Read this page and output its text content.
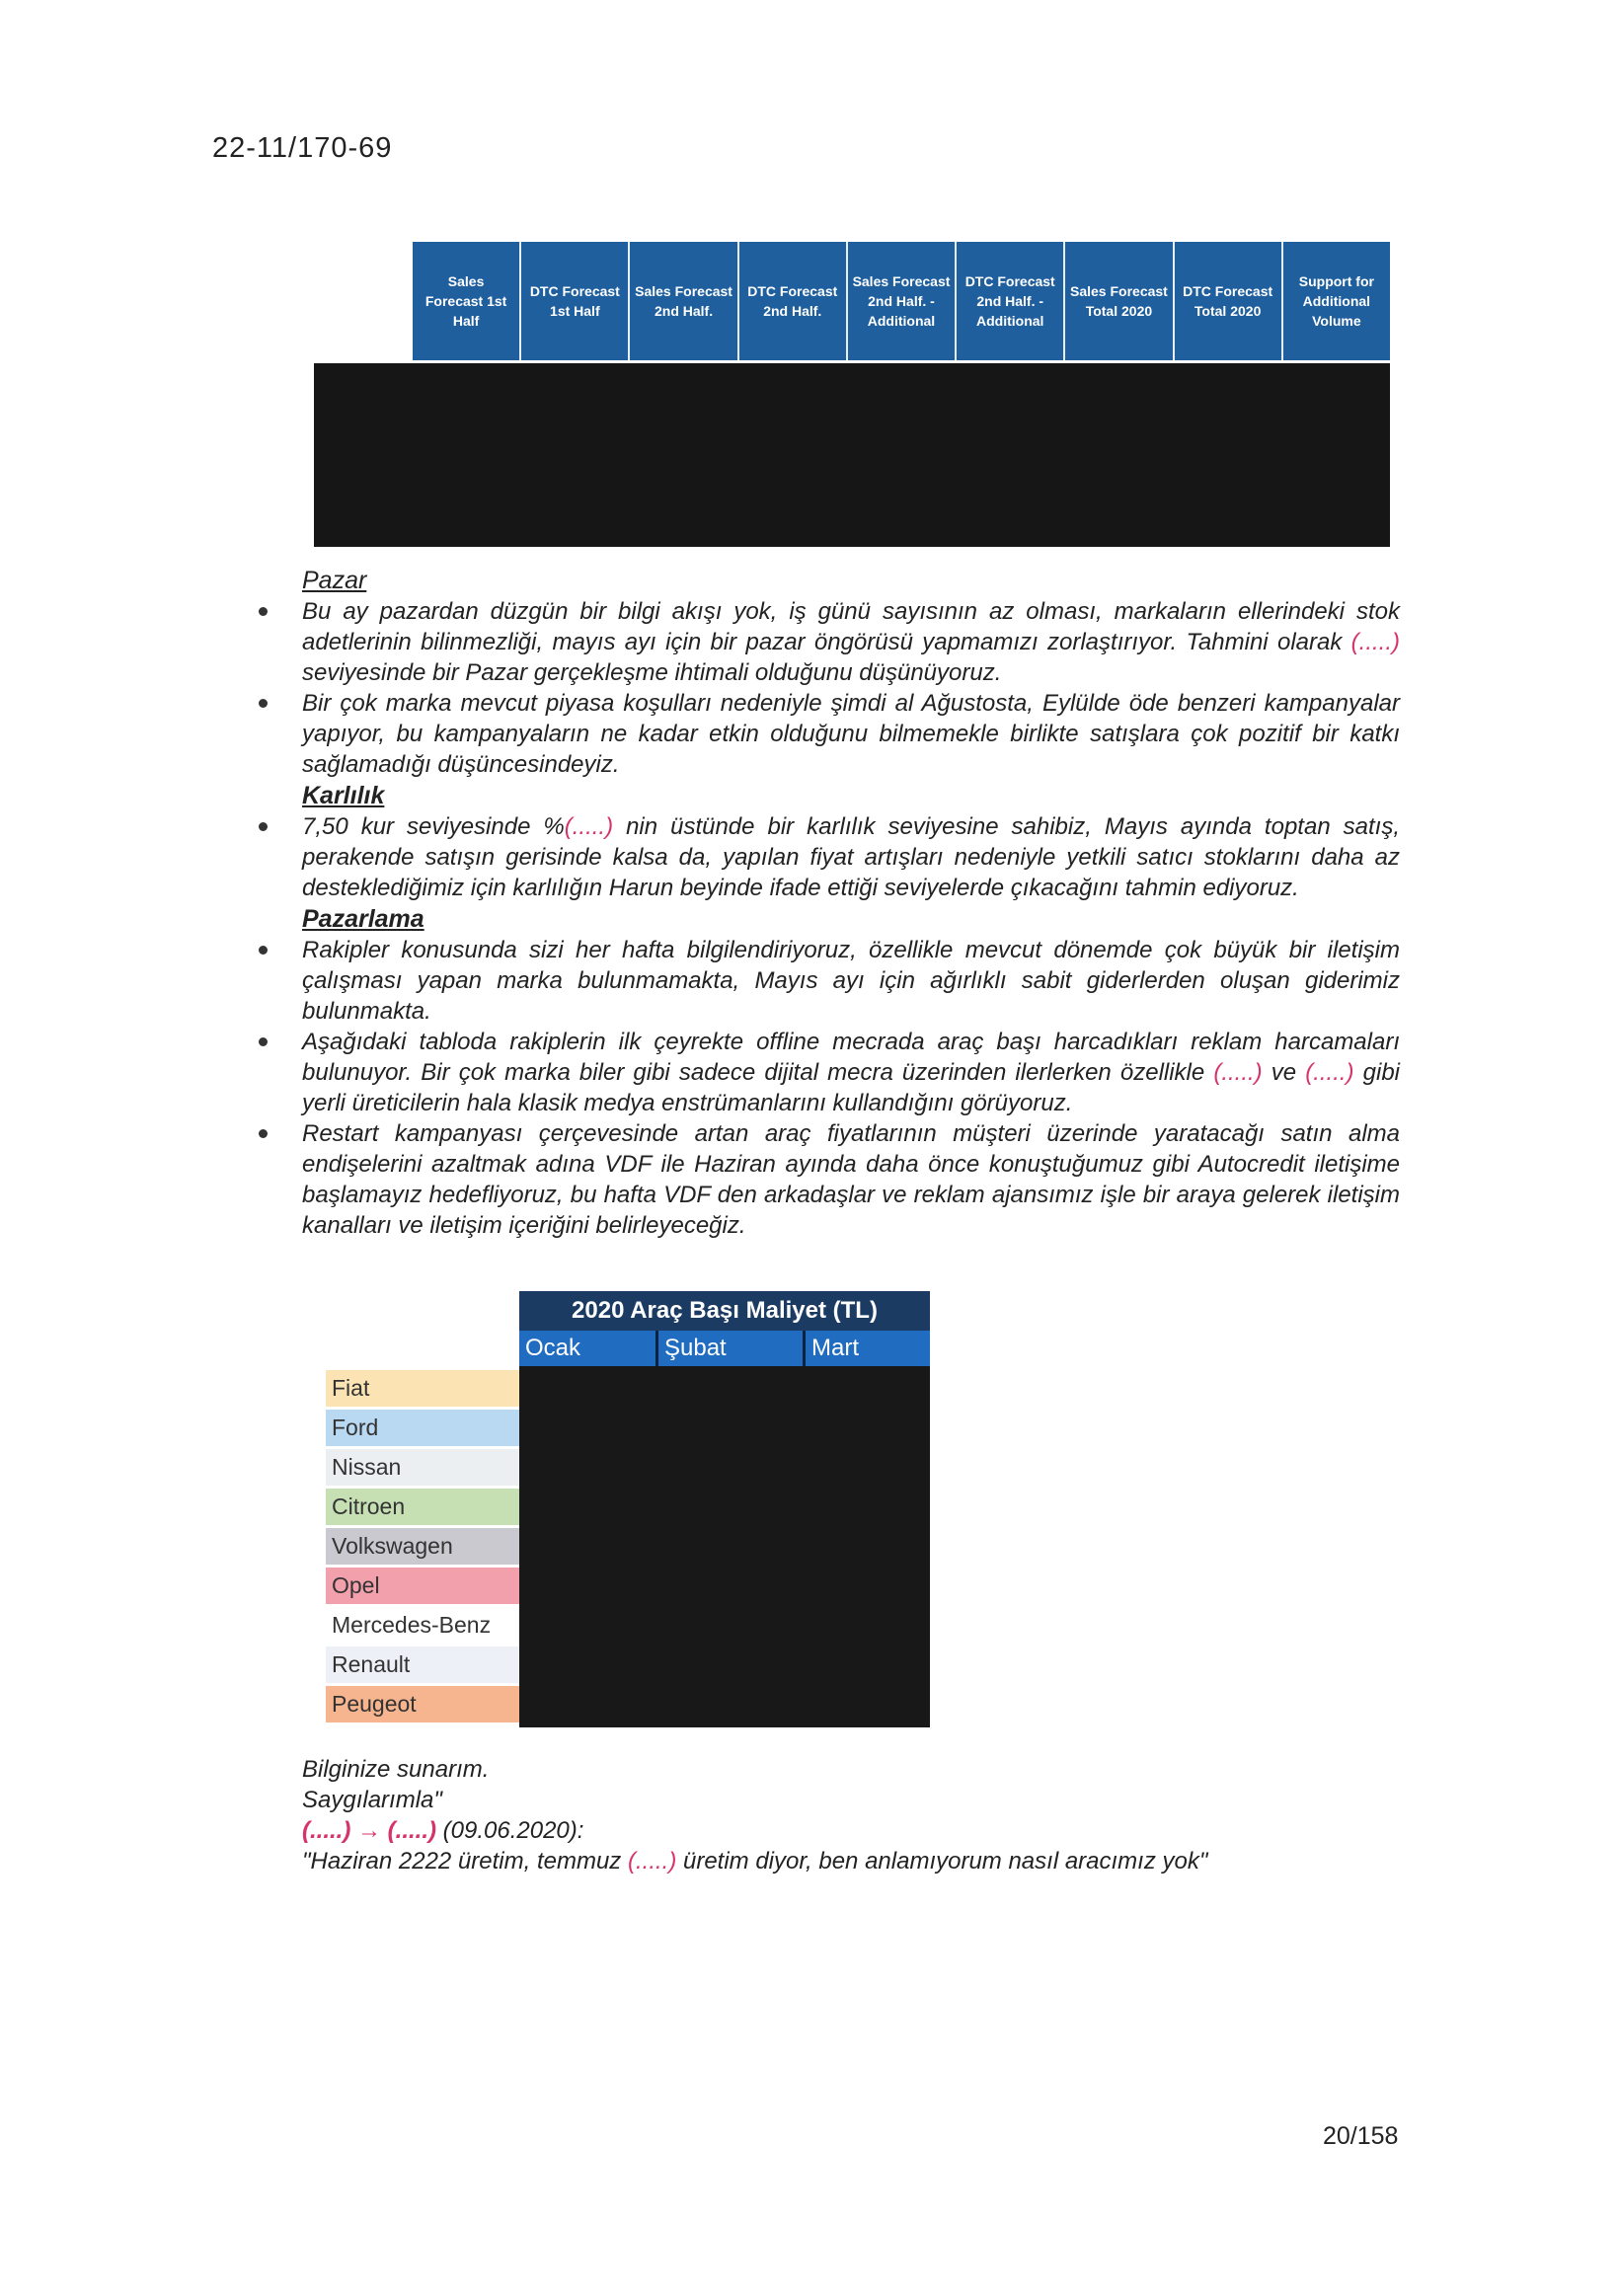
22-11/170-69
Sales
Forecast 1st
Half
DTC Forecast
1st Half
Sales Forecast
2nd Half.
DTC Forecast
2nd Half.
Sales Forecast
2nd Half. -
Additional
DTC Forecast
2nd Half. -
Additional
Sales Forecast
Total 2020
DTC Forecast
Total 2020
Support for
Additional
Volume

Pazar

Bu ay pazardan düzgün bir bilgi akışı yok, iş günü sayısının az olması, markaların ellerindeki stok adetlerinin bilinmezliği, mayıs ayı için bir pazar öngörüsü yapmamızı zorlaştırıyor. Tahmini olarak (.....) seviyesinde bir Pazar gerçekleşme ihtimali olduğunu düşünüyoruz.
Bir çok marka mevcut piyasa koşulları nedeniyle şimdi al Ağustosta, Eylülde öde benzeri kampanyalar yapıyor, bu kampanyaların ne kadar etkin olduğunu bilmemekle birlikte satışlara çok pozitif bir katkı sağlamadığı düşüncesindeyiz.

Karlılık

7,50 kur seviyesinde %(.....) nin üstünde bir karlılık seviyesine sahibiz, Mayıs ayında toptan satış, perakende satışın gerisinde kalsa da, yapılan fiyat artışları nedeniyle yetkili satıcı stoklarını daha az desteklediğimiz için karlılığın Harun beyinde ifade ettiği seviyelerde çıkacağını tahmin ediyoruz.

Pazarlama

Rakipler konusunda sizi her hafta bilgilendiriyoruz, özellikle mevcut dönemde çok büyük bir iletişim çalışması yapan marka bulunmamakta, Mayıs ayı için ağırlıklı sabit giderlerden oluşan giderimiz bulunmakta.
Aşağıdaki tabloda rakiplerin ilk çeyrekte offline mecrada araç başı harcadıkları reklam harcamaları bulunuyor. Bir çok marka biler gibi sadece dijital mecra üzerinden ilerlerken özellikle (.....) ve (.....) gibi yerli üreticilerin hala klasik medya enstrümanlarını kullandığını görüyoruz.
Restart kampanyası çerçevesinde artan araç fiyatlarının müşteri üzerinde yaratacağı satın alma endişelerini azaltmak adına VDF ile Haziran ayında daha önce konuştuğumuz gibi Autocredit iletişime başlamayız hedefliyoruz, bu hafta VDF den arkadaşlar ve reklam ajansımız işle bir araya gelerek iletişim kanalları ve iletişim içeriğini belirleyeceğiz.
2020 Araç Başı Maliyet (TL)
Ocak	Şubat	Mart
Fiat
Ford
Nissan
Citroen
Volkswagen
Opel
Mercedes-Benz
Renault
Peugeot
Bilginize sunarım.
Saygılarımla"
(.....) → (.....) (09.06.2020):
"Haziran 2222 üretim, temmuz (.....) üretim diyor, ben anlamıyorum nasıl aracımız yok"
20/158
